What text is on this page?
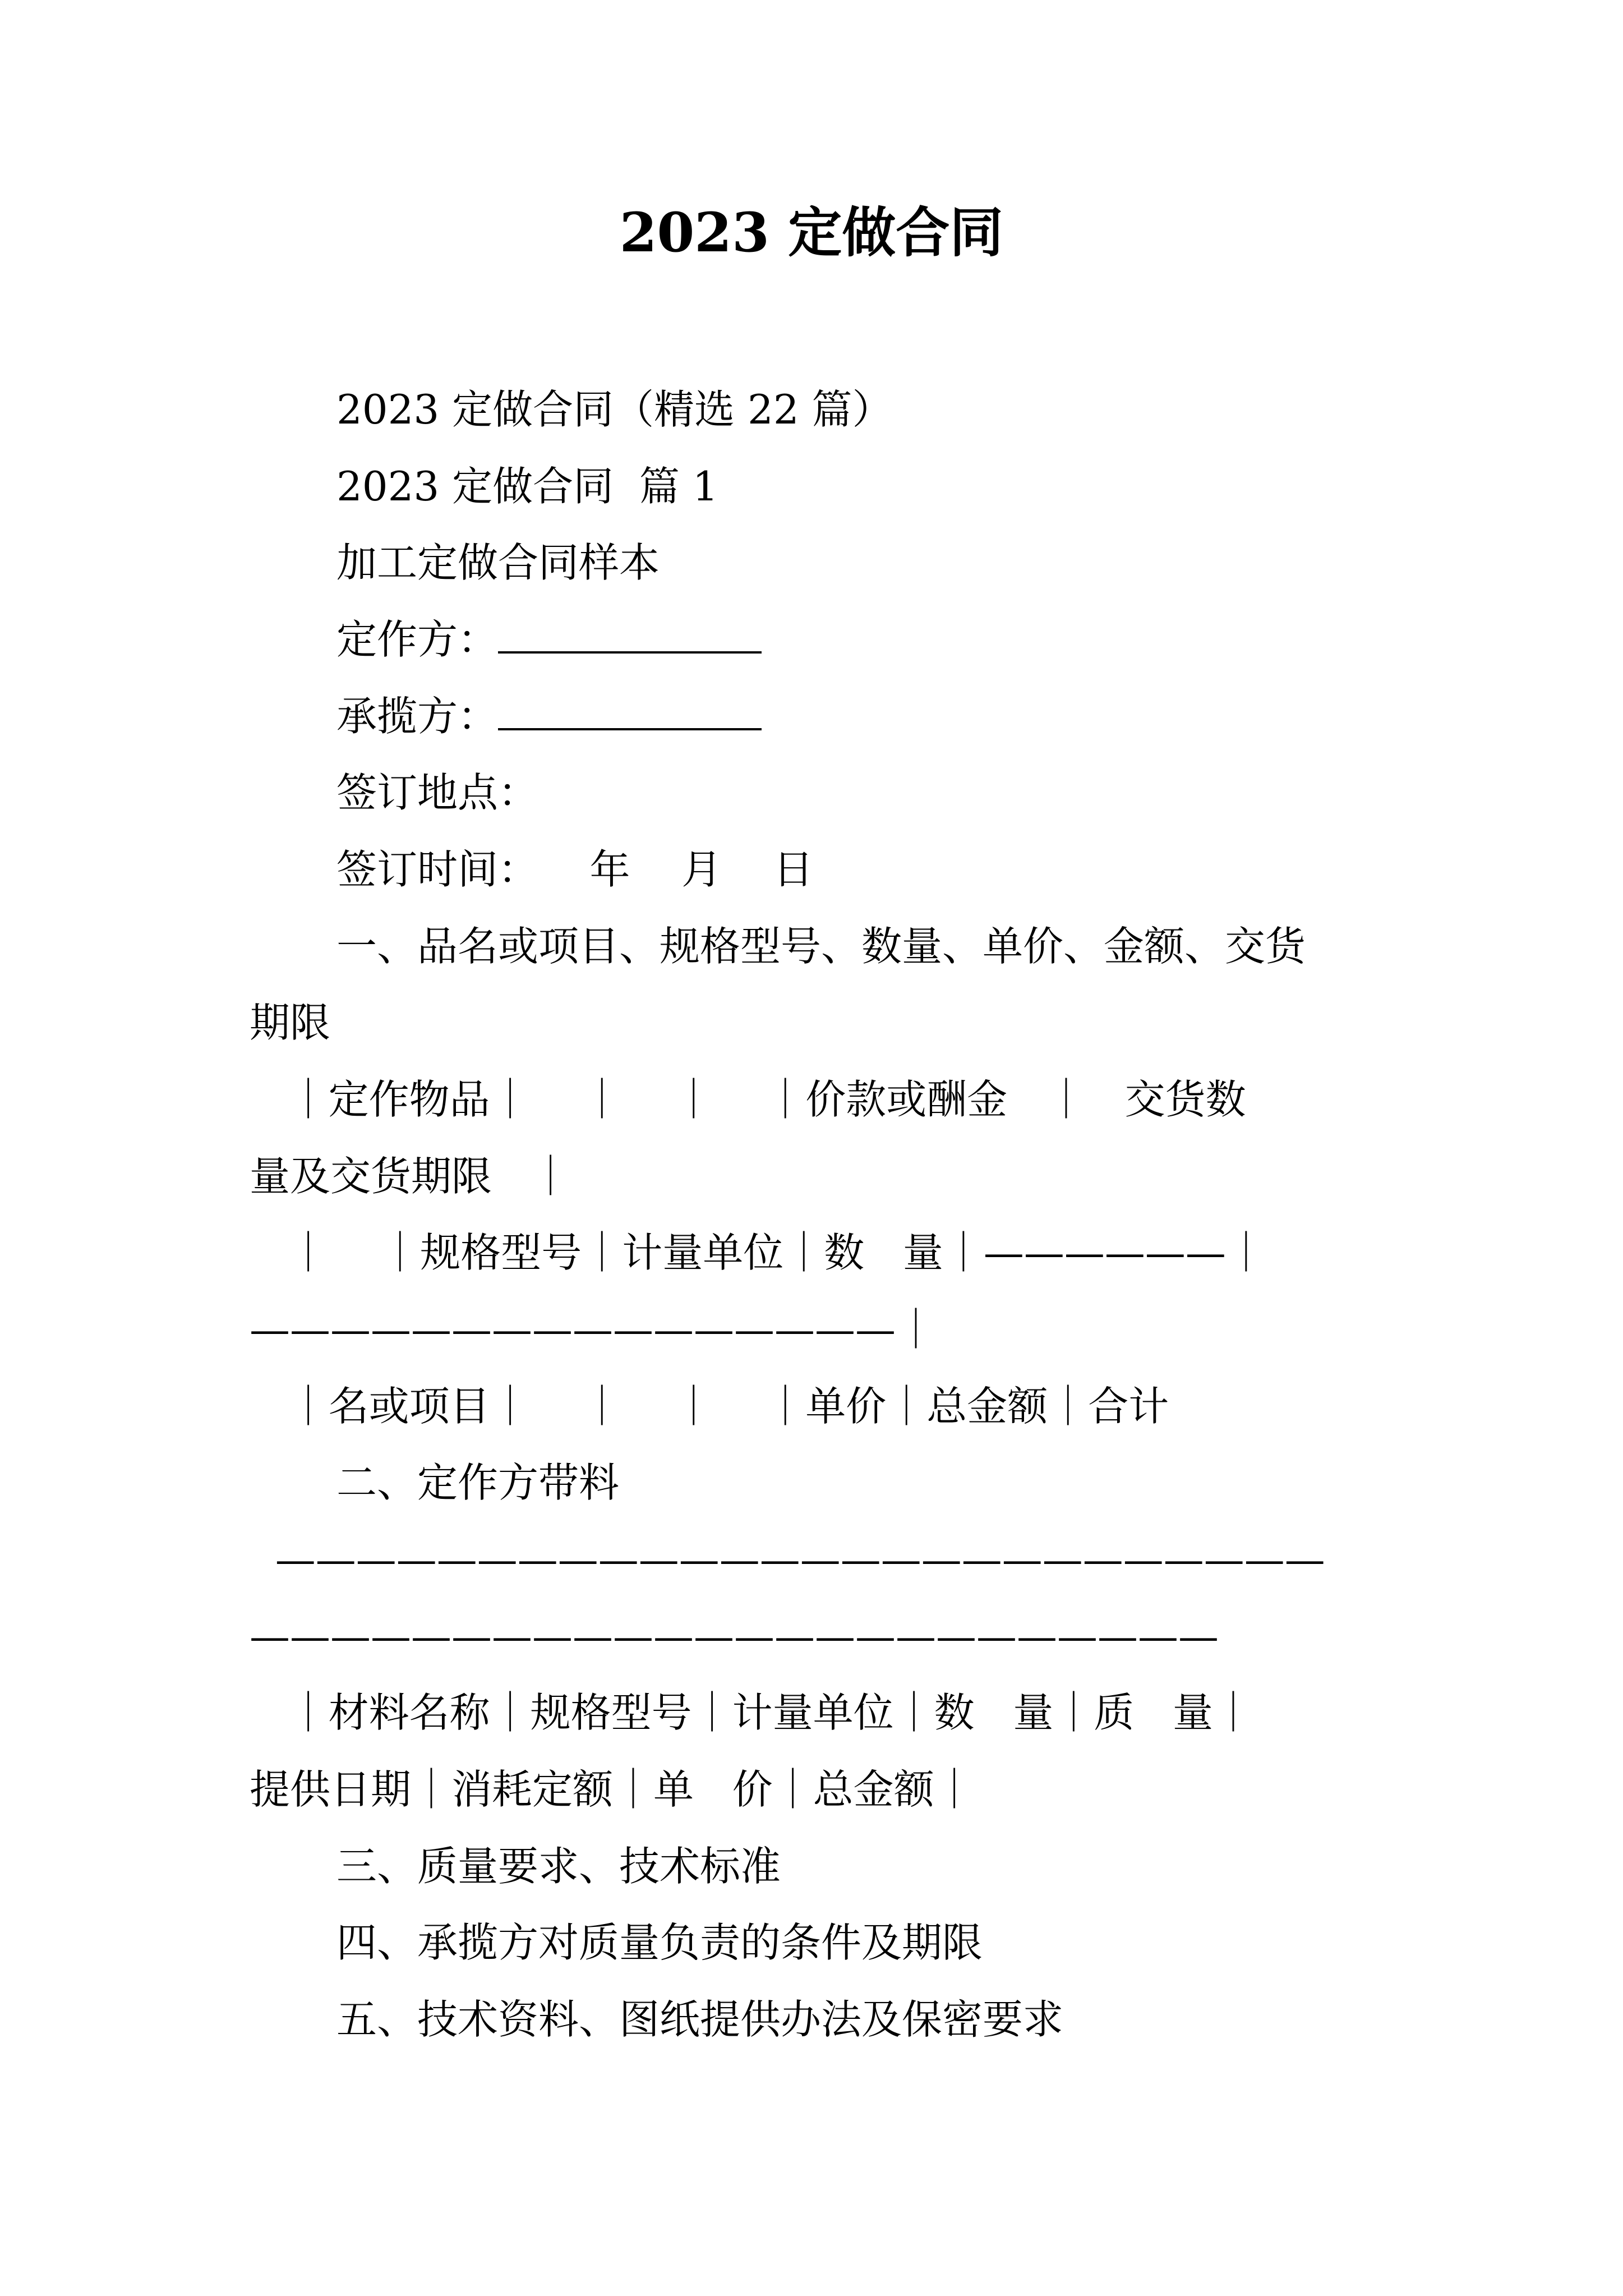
2023 定做合同
2023 定做合同（精选 22 篇）
2023 定做合同  篇 1
加工定做合同样本
定作方：
承揽方：
签订地点：
签订时间：    年    月    日
一、品名或项目、规格型号、数量、单价、金额、交货
期限
｜定作物品｜    ｜    ｜    ｜价款或酬金   ｜   交货数
量及交货期限   ｜
｜    ｜规格型号｜计量单位｜数   量｜——————｜
————————————————｜
｜名或项目｜    ｜    ｜    ｜单价｜总金额｜合计
二、定作方带料
——————————————————————————
————————————————————————
｜材料名称｜规格型号｜计量单位｜数   量｜质   量｜
提供日期｜消耗定额｜单   价｜总金额｜
三、质量要求、技术标准
四、承揽方对质量负责的条件及期限
五、技术资料、图纸提供办法及保密要求
